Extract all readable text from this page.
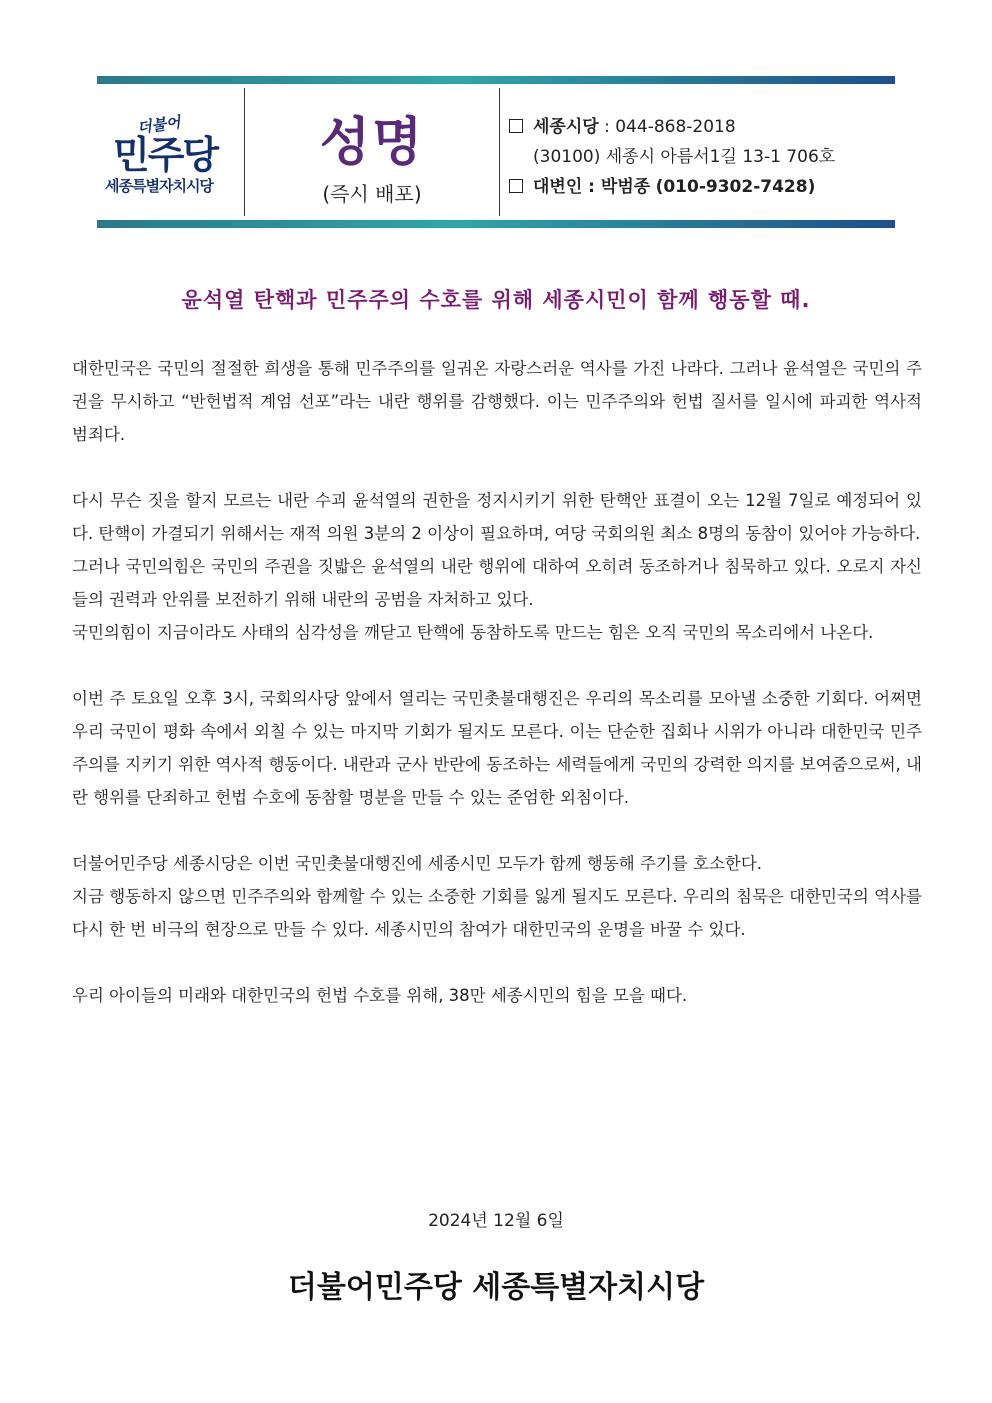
더불어
민주당
세종특별자치시당
성명
(즉시 배포)
세종시당 : 044-868-2018
(30100) 세종시 아름서1길 13-1 706호
대변인 : 박범종 (010-9302-7428)
윤석열 탄핵과 민주주의 수호를 위해 세종시민이 함께 행동할 때.

대한민국은 국민의 절절한 희생을 통해 민주주의를 일궈온 자랑스러운 역사를 가진 나라다. 그러나 윤석열은 국민의 주권을 무시하고 “반헌법적 계엄 선포”라는 내란 행위를 감행했다. 이는 민주주의와 헌법 질서를 일시에 파괴한 역사적 범죄다.

다시 무슨 짓을 할지 모르는 내란 수괴 윤석열의 권한을 정지시키기 위한 탄핵안 표결이 오는 12월 7일로 예정되어 있다. 탄핵이 가결되기 위해서는 재적 의원 3분의 2 이상이 필요하며, 여당 국회의원 최소 8명의 동참이 있어야 가능하다.

그러나 국민의힘은 국민의 주권을 짓밟은 윤석열의 내란 행위에 대하여 오히려 동조하거나 침묵하고 있다. 오로지 자신들의 권력과 안위를 보전하기 위해 내란의 공범을 자처하고 있다.

국민의힘이 지금이라도 사태의 심각성을 깨닫고 탄핵에 동참하도록 만드는 힘은 오직 국민의 목소리에서 나온다.

이번 주 토요일 오후 3시, 국회의사당 앞에서 열리는 국민촛불대행진은 우리의 목소리를 모아낼 소중한 기회다. 어쩌면 우리 국민이 평화 속에서 외칠 수 있는 마지막 기회가 될지도 모른다. 이는 단순한 집회나 시위가 아니라 대한민국 민주주의를 지키기 위한 역사적 행동이다. 내란과 군사 반란에 동조하는 세력들에게 국민의 강력한 의지를 보여줌으로써, 내란 행위를 단죄하고 헌법 수호에 동참할 명분을 만들 수 있는 준엄한 외침이다.

더불어민주당 세종시당은 이번 국민촛불대행진에 세종시민 모두가 함께 행동해 주기를 호소한다.

지금 행동하지 않으면 민주주의와 함께할 수 있는 소중한 기회를 잃게 될지도 모른다. 우리의 침묵은 대한민국의 역사를 다시 한 번 비극의 현장으로 만들 수 있다. 세종시민의 참여가 대한민국의 운명을 바꿀 수 있다.

우리 아이들의 미래와 대한민국의 헌법 수호를 위해, 38만 세종시민의 힘을 모을 때다.

2024년 12월 6일
더불어민주당 세종특별자치시당
